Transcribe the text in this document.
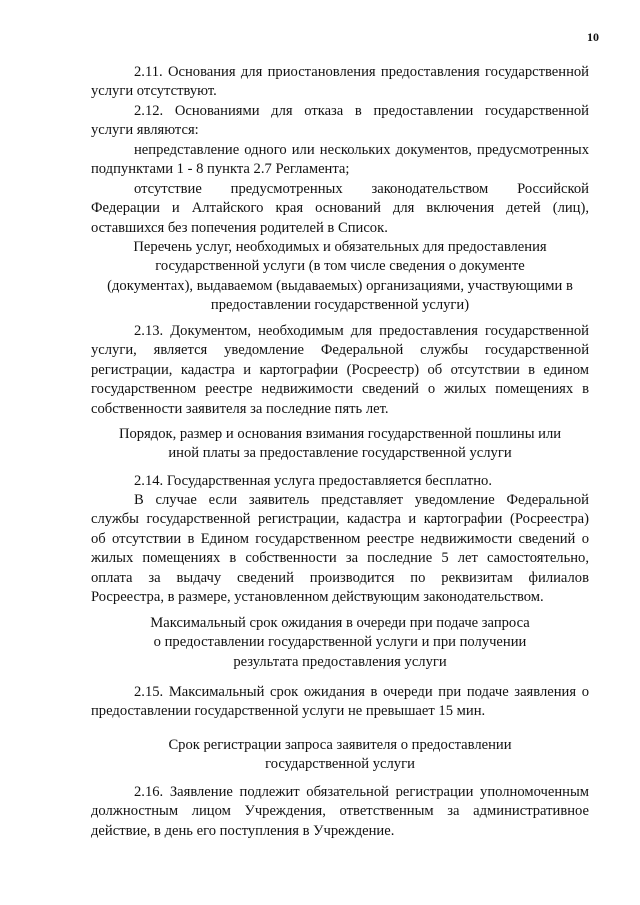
10
2.11. Основания для приостановления предоставления государственной
услуги отсутствуют.
2.12. Основаниями для отказа в предоставлении государственной
услуги являются:
непредставление одного или нескольких документов, предусмотренных
подпунктами 1 - 8 пункта 2.7 Регламента;
отсутствие предусмотренных законодательством Российской
Федерации и Алтайского края оснований для включения детей (лиц),
оставшихся без попечения родителей в Список.
Перечень услуг, необходимых и обязательных для предоставления
государственной услуги (в том числе сведения о документе
(документах), выдаваемом (выдаваемых) организациями, участвующими в
предоставлении государственной услуги)
2.13. Документом, необходимым для предоставления государственной
услуги, является уведомление Федеральной службы государственной
регистрации, кадастра и картографии (Росреестр) об отсутствии в едином
государственном реестре недвижимости сведений о жилых помещениях в
собственности заявителя за последние пять лет.
Порядок, размер и основания взимания государственной пошлины или
иной платы за предоставление государственной услуги
2.14. Государственная услуга предоставляется бесплатно.
В случае если заявитель представляет уведомление Федеральной
службы государственной регистрации, кадастра и картографии (Росреестра)
об отсутствии в Едином государственном реестре недвижимости сведений о
жилых помещениях в собственности за последние 5 лет самостоятельно,
оплата за выдачу сведений производится по реквизитам филиалов
Росреестра, в размере, установленном действующим законодательством.
Максимальный срок ожидания в очереди при подаче запроса
о предоставлении государственной услуги и при получении
результата предоставления услуги
2.15. Максимальный срок ожидания в очереди при подаче заявления о
предоставлении государственной услуги не превышает 15 мин.
Срок регистрации запроса заявителя о предоставлении
государственной услуги
2.16. Заявление подлежит обязательной регистрации уполномоченным
должностным лицом Учреждения, ответственным за административное
действие, в день его поступления в Учреждение.
